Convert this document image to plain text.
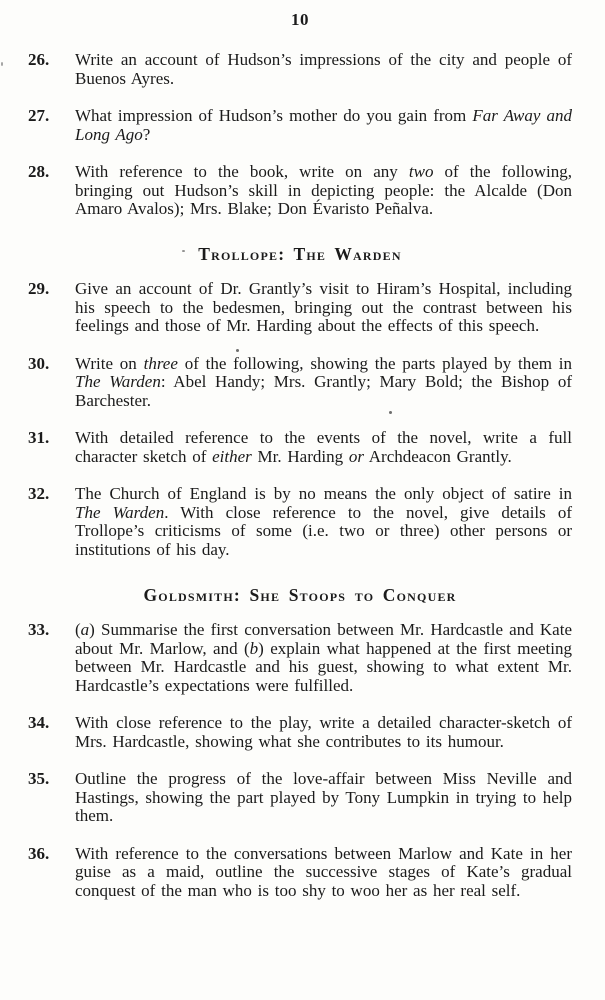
10
26. Write an account of Hudson’s impressions of the city and people of Buenos Ayres.

27. What impression of Hudson’s mother do you gain from Far Away and Long Ago?

28. With reference to the book, write on any two of the following, bringing out Hudson’s skill in depicting people: the Alcalde (Don Amaro Avalos); Mrs. Blake; Don Évaristo Peñalva.

Trollope: The Warden
29. Give an account of Dr. Grantly’s visit to Hiram’s Hospital, including his speech to the bedesmen, bringing out the contrast between his feelings and those of Mr. Harding about the effects of this speech.

30. Write on three of the following, showing the parts played by them in The Warden: Abel Handy; Mrs. Grantly; Mary Bold; the Bishop of Barchester.

31. With detailed reference to the events of the novel, write a full character sketch of either Mr. Harding or Archdeacon Grantly.

32. The Church of England is by no means the only object of satire in The Warden. With close reference to the novel, give details of Trollope’s criticisms of some (i.e. two or three) other persons or institutions of his day.

Goldsmith: She Stoops to Conquer
33. (a) Summarise the first conversation between Mr. Hardcastle and Kate about Mr. Marlow, and (b) explain what happened at the first meeting between Mr. Hardcastle and his guest, showing to what extent Mr. Hardcastle’s expectations were fulfilled.

34. With close reference to the play, write a detailed character-sketch of Mrs. Hardcastle, showing what she contributes to its humour.

35. Outline the progress of the love-affair between Miss Neville and Hastings, showing the part played by Tony Lumpkin in trying to help them.

36. With reference to the conversations between Marlow and Kate in her guise as a maid, outline the successive stages of Kate’s gradual conquest of the man who is too shy to woo her as her real self.
